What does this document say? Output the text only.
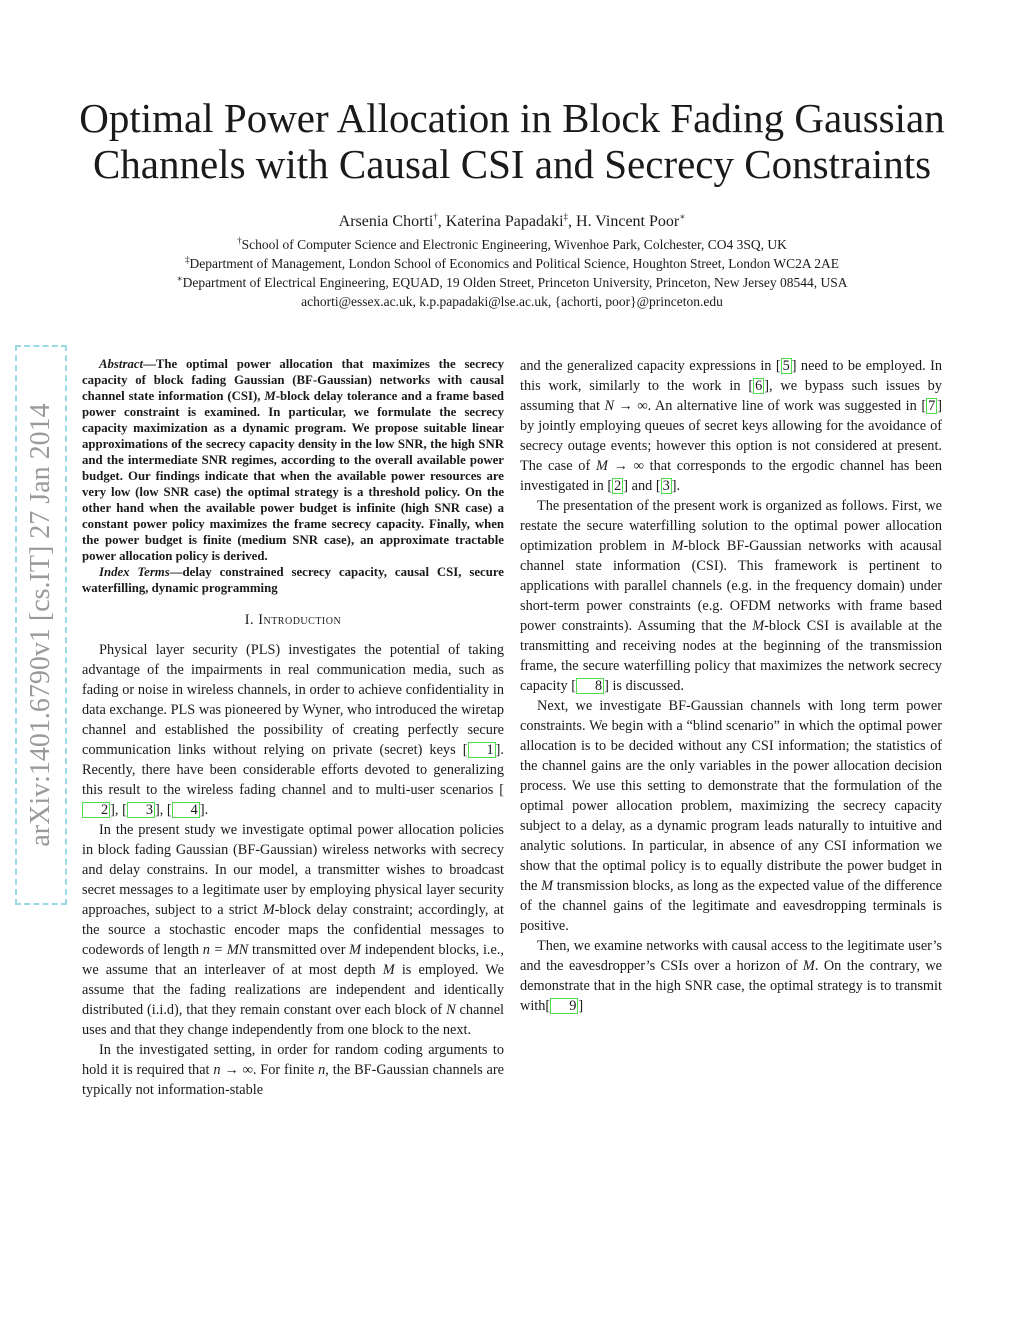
Optimal Power Allocation in Block Fading Gaussian
Channels with Causal CSI and Secrecy Constraints
Arsenia Chorti†, Katerina Papadaki‡, H. Vincent Poor∗
†School of Computer Science and Electronic Engineering, Wivenhoe Park, Colchester, CO4 3SQ, UK
‡Department of Management, London School of Economics and Political Science, Houghton Street, London WC2A 2AE
∗Department of Electrical Engineering, EQUAD, 19 Olden Street, Princeton University, Princeton, New Jersey 08544, USA
achorti@essex.ac.uk, k.p.papadaki@lse.ac.uk, {achorti, poor}@princeton.edu
arXiv:1401.6790v1 [cs.IT] 27 Jan 2014

Abstract—The optimal power allocation that maximizes the secrecy capacity of block fading Gaussian (BF-Gaussian) networks with causal channel state information (CSI), M-block delay tolerance and a frame based power constraint is examined. In particular, we formulate the secrecy capacity maximization as a dynamic program. We propose suitable linear approximations of the secrecy capacity density in the low SNR, the high SNR and the intermediate SNR regimes, according to the overall available power budget. Our findings indicate that when the available power resources are very low (low SNR case) the optimal strategy is a threshold policy. On the other hand when the available power budget is infinite (high SNR case) a constant power policy maximizes the frame secrecy capacity. Finally, when the power budget is finite (medium SNR case), an approximate tractable power allocation policy is derived.

Index Terms—delay constrained secrecy capacity, causal CSI, secure waterfilling, dynamic programming

I. Introduction

Physical layer security (PLS) investigates the potential of taking advantage of the impairments in real communication media, such as fading or noise in wireless channels, in order to achieve confidentiality in data exchange. PLS was pioneered by Wyner, who introduced the wiretap channel and established the possibility of creating perfectly secure communication links without relying on private (secret) keys [ 1 ]. Recently, there have been considerable efforts devoted to generalizing this result to the wireless fading channel and to multi-user scenarios [2 ], [ 3 ], [ 4 ].

In the present study we investigate optimal power allocation policies in block fading Gaussian (BF-Gaussian) wireless networks with secrecy and delay constrains. In our model, a transmitter wishes to broadcast secret messages to a legitimate user by employing physical layer security approaches, subject to a strict M-block delay constraint; accordingly, at the source a stochastic encoder maps the confidential messages to codewords of length n = MN transmitted over M independent blocks, i.e., we assume that an interleaver of at most depth M is employed. We assume that the fading realizations are independent and identically distributed (i.i.d), that they remain constant over each block of N channel uses and that they change independently from one block to the next.

In the investigated setting, in order for random coding arguments to hold it is required that n → ∞. For finite n, the BF-Gaussian channels are typically not information-stable

and the generalized capacity expressions in [ 5 ] need to be employed. In this work, similarly to the work in [ 6 ], we bypass such issues by assuming that N → ∞. An alternative line of work was suggested in [ 7 ] by jointly employing queues of secret keys allowing for the avoidance of secrecy outage events; however this option is not considered at present. The case of M → ∞ that corresponds to the ergodic channel has been investigated in [ 2 ] and [ 3 ].

The presentation of the present work is organized as follows. First, we restate the secure waterfilling solution to the optimal power allocation optimization problem in M-block BF-Gaussian networks with acausal channel state information (CSI). This framework is pertinent to applications with parallel channels (e.g. in the frequency domain) under short-term power constraints (e.g. OFDM networks with frame based power constraints). Assuming that the M-block CSI is available at the transmitting and receiving nodes at the beginning of the transmission frame, the secure waterfilling policy that maximizes the network secrecy capacity [ 8 ] is discussed.

Next, we investigate BF-Gaussian channels with long term power constraints. We begin with a “blind scenario” in which the optimal power allocation is to be decided without any CSI information; the statistics of the channel gains are the only variables in the power allocation decision process. We use this setting to demonstrate that the formulation of the optimal power allocation problem, maximizing the secrecy capacity subject to a delay, as a dynamic program leads naturally to intuitive and analytic solutions. In particular, in absence of any CSI information we show that the optimal policy is to equally distribute the power budget in the M transmission blocks, as long as the expected value of the difference of the channel gains of the legitimate and eavesdropping terminals is positive.

Then, we examine networks with causal access to the legitimate user’s and the eavesdropper’s CSIs over a horizon of M. On the contrary, we demonstrate that in the high SNR case, the optimal strategy is to transmit with[ 9 ]
